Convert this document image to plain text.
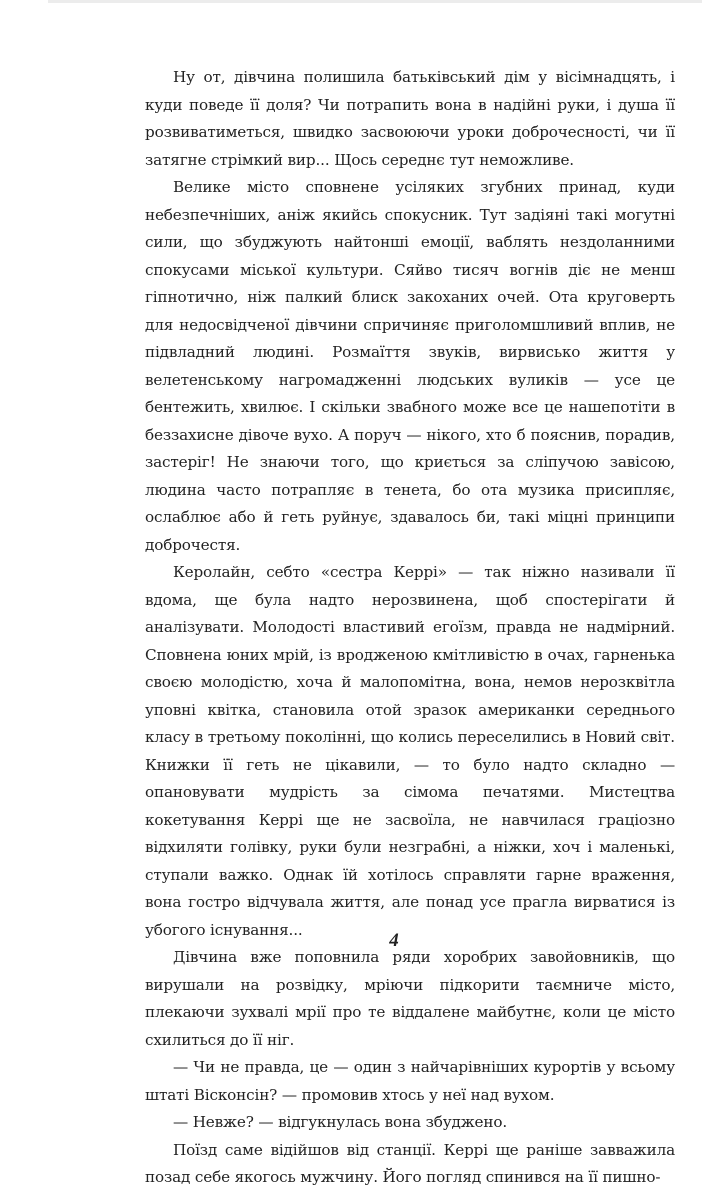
Ну от, дівчина полишила батьківський дім у вісімнадцять, і куди поведе її доля? Чи потрапить вона в надійні руки, і душа її розвиватиметься, швидко засвоюючи уроки доброчесності, чи її затягне стрімкий вир... Щось середнє тут неможливе.

Велике місто сповнене усіляких згубних принад, куди небезпечніших, аніж якийсь спокусник. Тут задіяні такі могутні сили, що збуджують найтонші емоції, ваблять нездоланними спокусами міської культури. Сяйво тисяч вогнів діє не менш гіпнотично, ніж палкий блиск закоханих очей. Ота круговерть для недосвідченої дівчини спричиняє приголомшливий вплив, не підвладний людині. Розмаїття звуків, вирвисько життя у велетенському нагромадженні людських вуликів — усе це бентежить, хвилює. І скільки звабного може все це нашепотіти в беззахисне дівоче вухо. А поруч — нікого, хто б пояснив, порадив, застеріг! Не знаючи того, що криється за сліпучою завісою, людина часто потрапляє в тенета, бо ота музика присипляє, ослаблює або й геть руйнує, здавалось би, такі міцні принципи доброчестя.

Керолайн, себто «сестра Керрі» — так ніжно називали її вдома, ще була надто нерозвинена, щоб спостерігати й аналізувати. Молодості властивий егоїзм, правда не надмірний. Сповнена юних мрій, із вродженою кмітливістю в очах, гарненька своєю молодістю, хоча й малопомітна, вона, немов нерозквітла уповні квітка, становила отой зразок американки середнього класу в третьому поколінні, що колись переселились в Новий світ. Книжки її геть не цікавили, — то було надто складно — опановувати мудрість за сімома печатями. Мистецтва кокетування Керрі ще не засвоїла, не навчилася граціозно відхиляти голівку, руки були незграбні, а ніжки, хоч і маленькі, ступали важко. Однак їй хотілось справляти гарне враження, вона гостро відчувала життя, але понад усе прагла вирватися із убогого існування...

Дівчина вже поповнила ряди хоробрих завойовників, що вирушали на розвідку, мріючи підкорити таємниче місто, плекаючи зухвалі мрії про те віддалене майбутнє, коли це місто схилиться до її ніг.

— Чи не правда, це — один з найчарівніших курортів у всьому штаті Вісконсін? — промовив хтось у неї над вухом.

— Невже? — відгукнулась вона збуджено.

Поїзд саме відійшов від станції. Керрі ще раніше завважила позад себе якогось мужчину. Його погляд спинився на її пишно-

4
